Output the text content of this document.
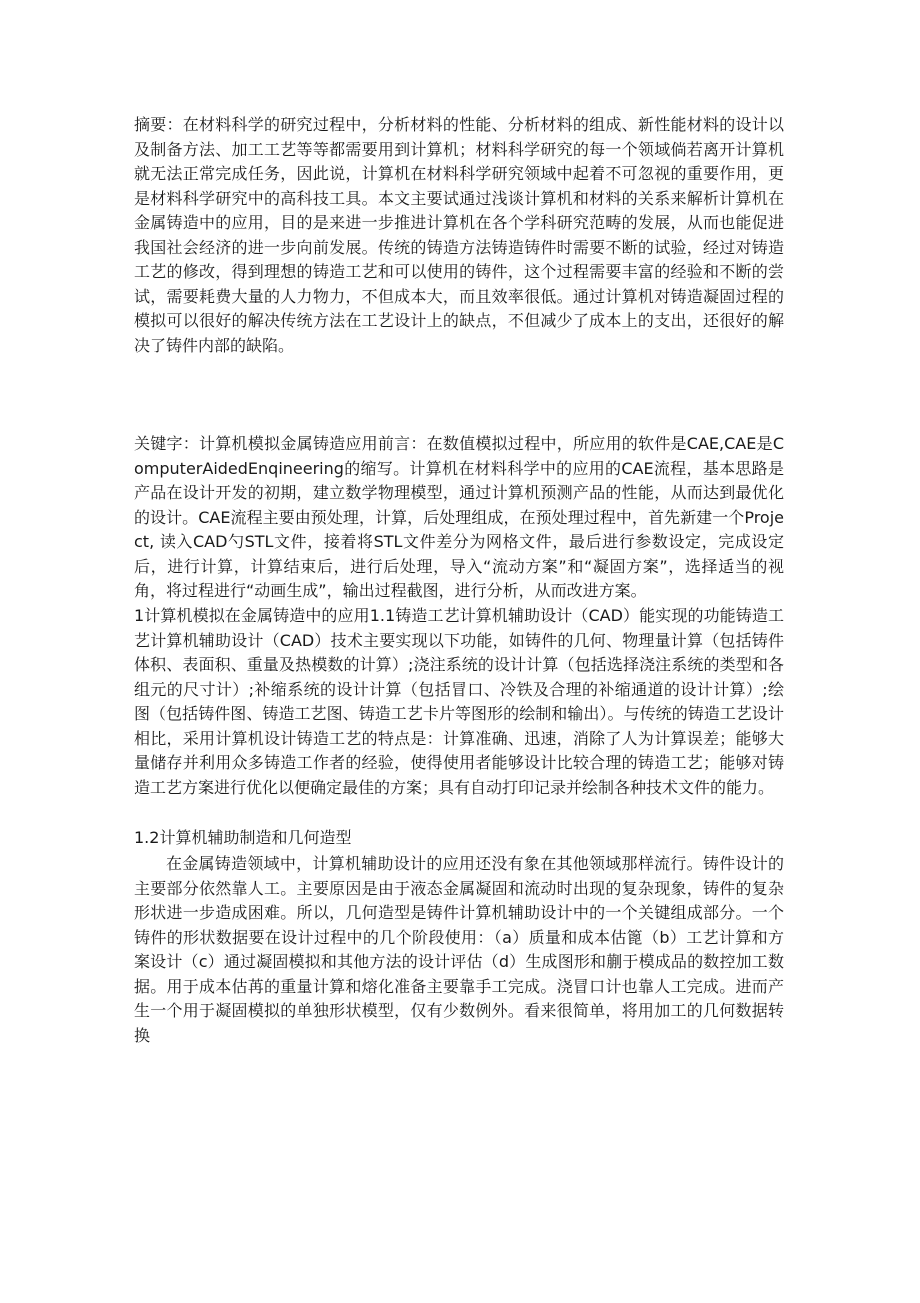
摘要：在材料科学的研究过程中，分析材料的性能、分析材料的组成、新性能材料的设计以及制备方法、加工工艺等等都需要用到计算机；材料科学研究的每一个领域倘若离开计算机就无法正常完成任务，因此说，计算机在材料科学研究领域中起着不可忽视的重要作用，更是材料科学研究中的高科技工具。本文主要试通过浅谈计算机和材料的关系来解析计算机在金属铸造中的应用，目的是来进一步推进计算机在各个学科研究范畴的发展，从而也能促进我国社会经济的进一步向前发展。传统的铸造方法铸造铸件时需要不断的试验，经过对铸造工艺的修改，得到理想的铸造工艺和可以使用的铸件，这个过程需要丰富的经验和不断的尝试，需要耗费大量的人力物力，不但成本大，而且效率很低。通过计算机对铸造凝固过程的模拟可以很好的解决传统方法在工艺设计上的缺点，不但减少了成本上的支出，还很好的解决了铸件内部的缺陷。

关键字：计算机模拟金属铸造应用前言：在数值模拟过程中，所应用的软件是CAE,CAE是ComputerAidedEnqineering的缩写。计算机在材料科学中的应用的CAE流程，基本思路是产品在设计开发的初期，建立数学物理模型，通过计算机预测产品的性能，从而达到最优化的设计。CAE流程主要由预处理，计算，后处理组成，在预处理过程中，首先新建一个Project, 读入CAD勺STL文件，接着将STL文件差分为网格文件，最后进行参数设定，完成设定后，进行计算，计算结束后，进行后处理，导入“流动方案”和“凝固方案”，选择适当的视角，将过程进行“动画生成”，输出过程截图，进行分析，从而改进方案。

1计算机模拟在金属铸造中的应用1.1铸造工艺计算机辅助设计（CAD）能实现的功能铸造工艺计算机辅助设计（CAD）技术主要实现以下功能，如铸件的几何、物理量计算（包括铸件体积、表面积、重量及热模数的计算）;浇注系统的设计计算（包括选择浇注系统的类型和各组元的尺寸计）;补缩系统的设计计算（包括冒口、冷铁及合理的补缩通道的设计计算）;绘图（包括铸件图、铸造工艺图、铸造工艺卡片等图形的绘制和输出）。与传统的铸造工艺设计相比，采用计算机设计铸造工艺的特点是：计算准确、迅速，消除了人为计算误差；能够大量储存并利用众多铸造工作者的经验，使得使用者能够设计比较合理的铸造工艺；能够对铸造工艺方案进行优化以便确定最佳的方案；具有自动打印记录并绘制各种技术文件的能力。

1.2计算机辅助制造和几何造型

在金属铸造领域中，计算机辅助设计的应用还没有象在其他领域那样流行。铸件设计的主要部分依然靠人工。主要原因是由于液态金属凝固和流动时出现的复杂现象，铸件的复杂形状进一步造成困难。所以，几何造型是铸件计算机辅助设计中的一个关键组成部分。一个铸件的形状数据要在设计过程中的几个阶段使用：（a）质量和成本估篦（b）工艺计算和方案设计（c）通过凝固模拟和其他方法的设计评估（d）生成图形和蒯于模成品的数控加工数据。用于成本估苒的重量计算和熔化准备主要靠手工完成。浇冒口计也靠人工完成。进而产生一个用于凝固模拟的单独形状模型，仅有少数例外。看来很简单，将用加工的几何数据转换
